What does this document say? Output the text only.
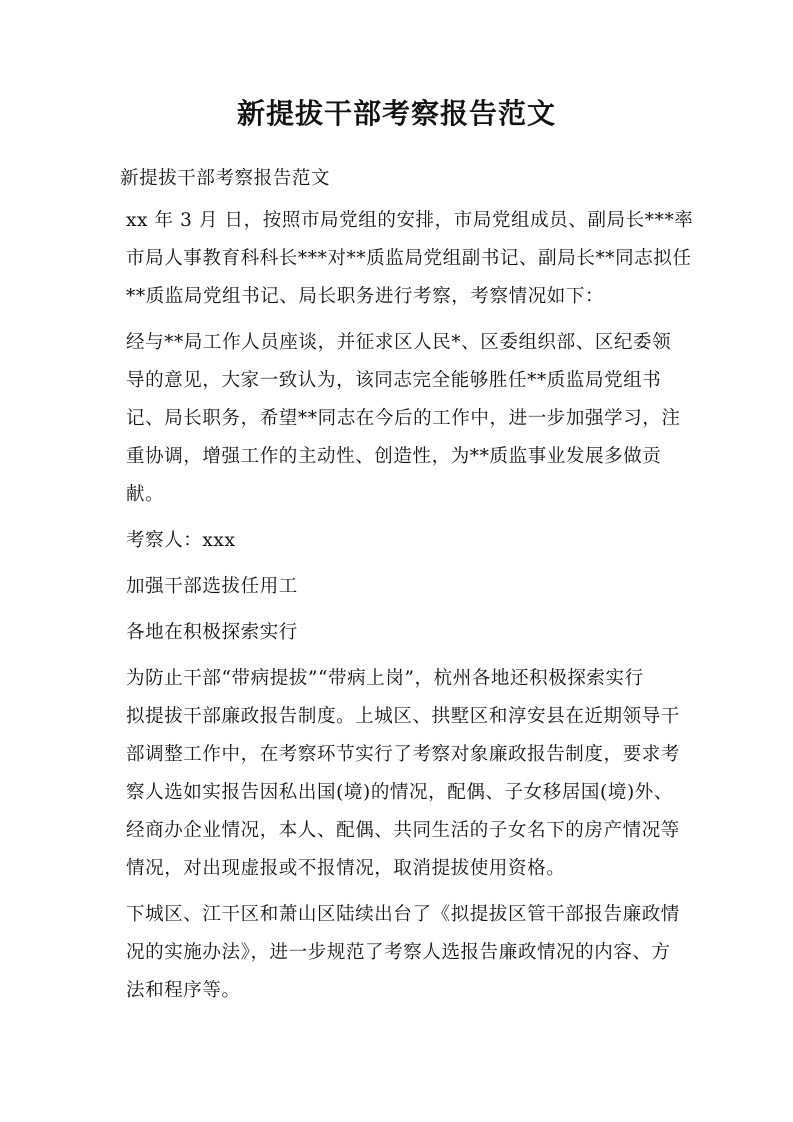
新提拔干部考察报告范文
新提拔干部考察报告范文
xx 年 3 月 日，按照市局党组的安排，市局党组成员、副局长***率
市局人事教育科科长***对**质监局党组副书记、副局长**同志拟任
**质监局党组书记、局长职务进行考察，考察情况如下：
经与**局工作人员座谈，并征求区人民*、区委组织部、区纪委领
导的意见，大家一致认为，该同志完全能够胜任**质监局党组书
记、局长职务，希望**同志在今后的工作中，进一步加强学习，注
重协调，增强工作的主动性、创造性，为**质监事业发展多做贡
献。
考察人：xxx
加强干部选拔任用工
各地在积极探索实行
为防止干部“带病提拔”“带病上岗”，杭州各地还积极探索实行
拟提拔干部廉政报告制度。上城区、拱墅区和淳安县在近期领导干
部调整工作中，在考察环节实行了考察对象廉政报告制度，要求考
察人选如实报告因私出国(境)的情况，配偶、子女移居国(境)外、
经商办企业情况，本人、配偶、共同生活的子女名下的房产情况等
情况，对出现虚报或不报情况，取消提拔使用资格。
下城区、江干区和萧山区陆续出台了《拟提拔区管干部报告廉政情
况的实施办法》，进一步规范了考察人选报告廉政情况的内容、方
法和程序等。
